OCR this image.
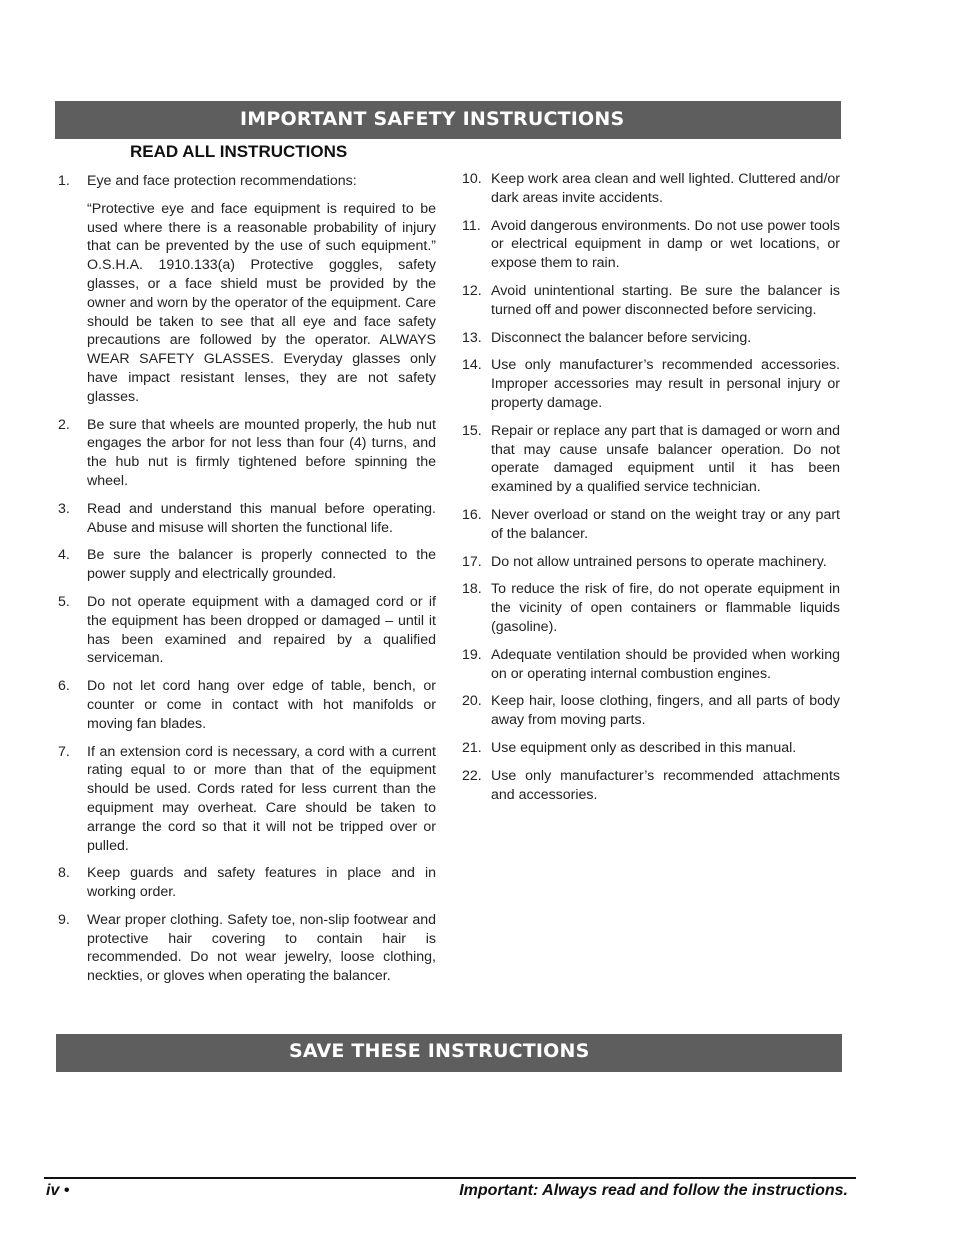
IMPORTANT SAFETY INSTRUCTIONS
READ ALL INSTRUCTIONS
1. Eye and face protection recommendations:

“Protective eye and face equipment is required to be used where there is a reasonable probability of injury that can be prevented by the use of such equipment.” O.S.H.A. 1910.133(a) Protective goggles, safety glasses, or a face shield must be provided by the owner and worn by the operator of the equipment. Care should be taken to see that all eye and face safety precautions are followed by the operator. ALWAYS WEAR SAFETY GLASSES. Everyday glasses only have impact resistant lenses, they are not safety glasses.

2. Be sure that wheels are mounted properly, the hub nut engages the arbor for not less than four (4) turns, and the hub nut is firmly tightened before spinning the wheel.

3. Read and understand this manual before operating. Abuse and misuse will shorten the functional life.

4. Be sure the balancer is properly connected to the power supply and electrically grounded.

5. Do not operate equipment with a damaged cord or if the equipment has been dropped or damaged – until it has been examined and repaired by a qualified serviceman.

6. Do not let cord hang over edge of table, bench, or counter or come in contact with hot manifolds or moving fan blades.

7. If an extension cord is necessary, a cord with a current rating equal to or more than that of the equipment should be used. Cords rated for less current than the equipment may overheat. Care should be taken to arrange the cord so that it will not be tripped over or pulled.

8. Keep guards and safety features in place and in working order.

9. Wear proper clothing. Safety toe, non-slip footwear and protective hair covering to contain hair is recommended. Do not wear jewelry, loose clothing, neckties, or gloves when operating the balancer.

10. Keep work area clean and well lighted. Cluttered and/or dark areas invite accidents.

11. Avoid dangerous environments. Do not use power tools or electrical equipment in damp or wet locations, or expose them to rain.

12. Avoid unintentional starting. Be sure the balancer is turned off and power disconnected before servicing.

13. Disconnect the balancer before servicing.

14. Use only manufacturer’s recommended accessories. Improper accessories may result in personal injury or property damage.

15. Repair or replace any part that is damaged or worn and that may cause unsafe balancer operation. Do not operate damaged equipment until it has been examined by a qualified service technician.

16. Never overload or stand on the weight tray or any part of the balancer.

17. Do not allow untrained persons to operate machinery.

18. To reduce the risk of fire, do not operate equipment in the vicinity of open containers or flammable liquids (gasoline).

19. Adequate ventilation should be provided when working on or operating internal combustion engines.

20. Keep hair, loose clothing, fingers, and all parts of body away from moving parts.

21. Use equipment only as described in this manual.

22. Use only manufacturer’s recommended attachments and accessories.

SAVE THESE INSTRUCTIONS
iv •	Important: Always read and follow the instructions.
